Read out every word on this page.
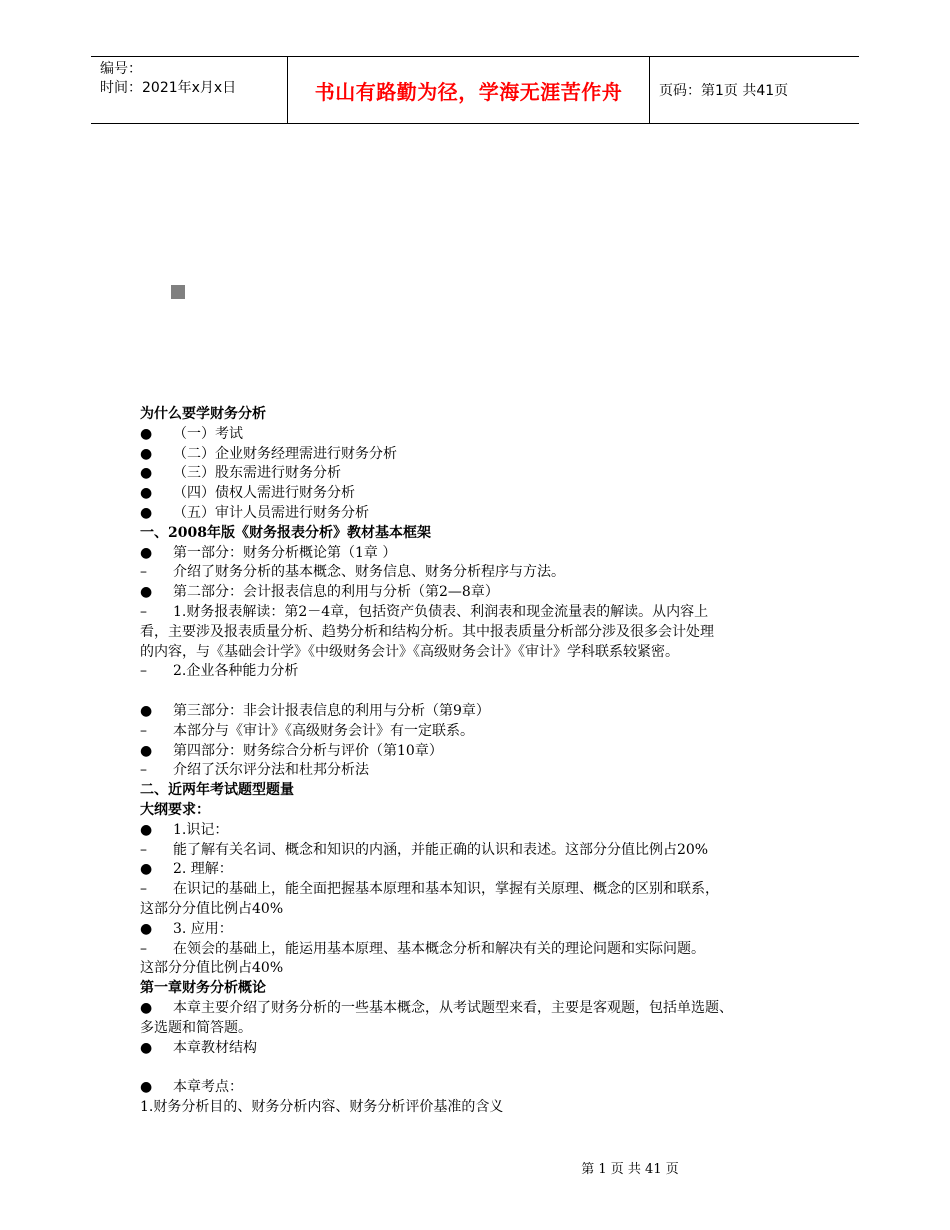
编号：
时间：2021年x月x日	书山有路勤为径，学海无涯苦作舟	页码：第1页 共41页
为什么要学财务分析
● （一）考试
● （二）企业财务经理需进行财务分析
● （三）股东需进行财务分析
● （四）债权人需进行财务分析
● （五）审计人员需进行财务分析
一、2008年版《财务报表分析》教材基本框架
● 第一部分：财务分析概论第（1章 ）
– 介绍了财务分析的基本概念、财务信息、财务分析程序与方法。
● 第二部分：会计报表信息的利用与分析（第2—8章）
– 1.财务报表解读：第2－4章，包括资产负债表、利润表和现金流量表的解读。从内容上
看，主要涉及报表质量分析、趋势分析和结构分析。其中报表质量分析部分涉及很多会计处理
的内容，与《基础会计学》《中级财务会计》《高级财务会计》《审计》学科联系较紧密。
– 2.企业各种能力分析
● 第三部分：非会计报表信息的利用与分析（第9章）
– 本部分与《审计》《高级财务会计》有一定联系。
● 第四部分：财务综合分析与评价（第10章）
– 介绍了沃尔评分法和杜邦分析法
二、近两年考试题型题量
大纲要求：
● 1.识记：
– 能了解有关名词、概念和知识的内涵，并能正确的认识和表述。这部分分值比例占20%
● 2. 理解：
– 在识记的基础上，能全面把握基本原理和基本知识，掌握有关原理、概念的区别和联系，
这部分分值比例占40%
● 3. 应用：
– 在领会的基础上，能运用基本原理、基本概念分析和解决有关的理论问题和实际问题。
这部分分值比例占40%
第一章财务分析概论
● 本章主要介绍了财务分析的一些基本概念，从考试题型来看，主要是客观题，包括单选题、
多选题和简答题。
● 本章教材结构
● 本章考点：
1.财务分析目的、财务分析内容、财务分析评价基准的含义
第 1 页 共 41 页
